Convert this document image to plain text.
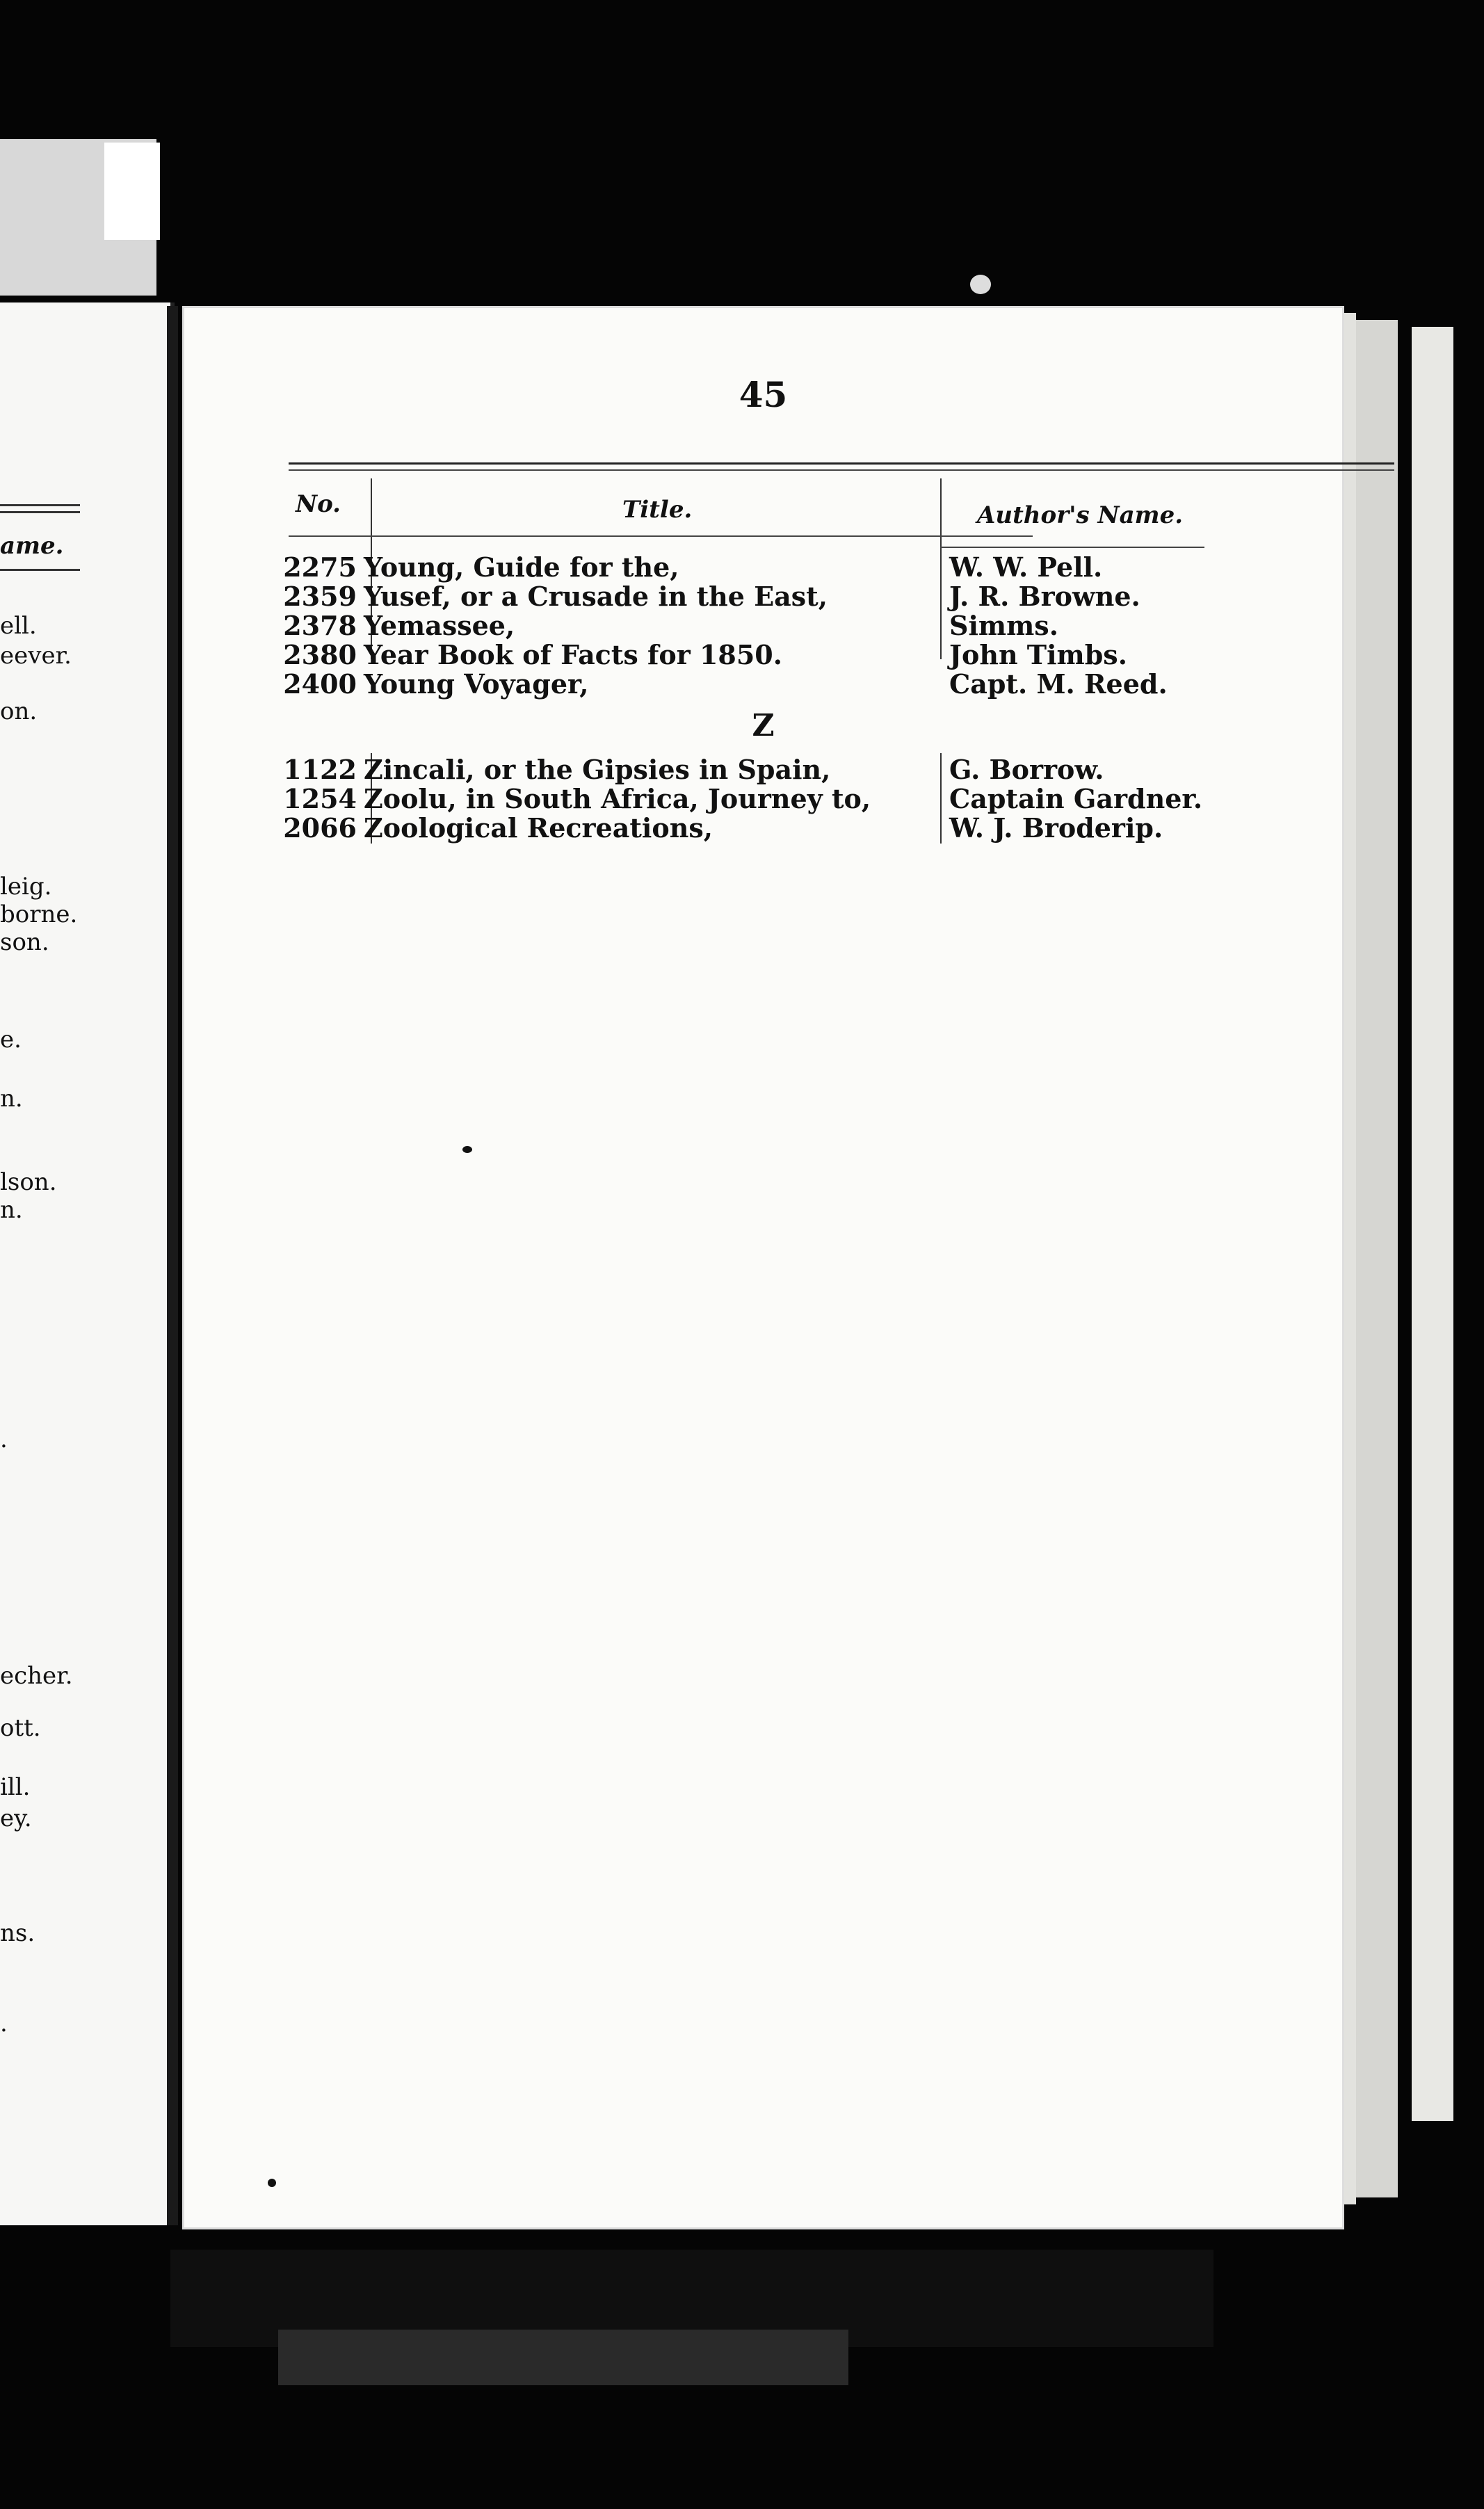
ame.
ell.
eever.
on.
leig.
borne.
son.
e.
n.
lson.
n.
.
echer.
ott.
ill.
ey.
ns.
.
45
No.	Title.	Author's Name.
2275 Young, Guide for the,	W. W. Pell.
2359 Yusef, or a Crusade in the East,	J. R. Browne.
2378 Yemassee,	Simms.
2380 Year Book of Facts for 1850.	John Timbs.
2400 Young Voyager,	Capt. M. Reed.
Z
1122 Zincali, or the Gipsies in Spain,	G. Borrow.
1254 Zoolu, in South Africa, Journey to,	Captain Gardner.
2066 Zoological Recreations,	W. J. Broderip.
